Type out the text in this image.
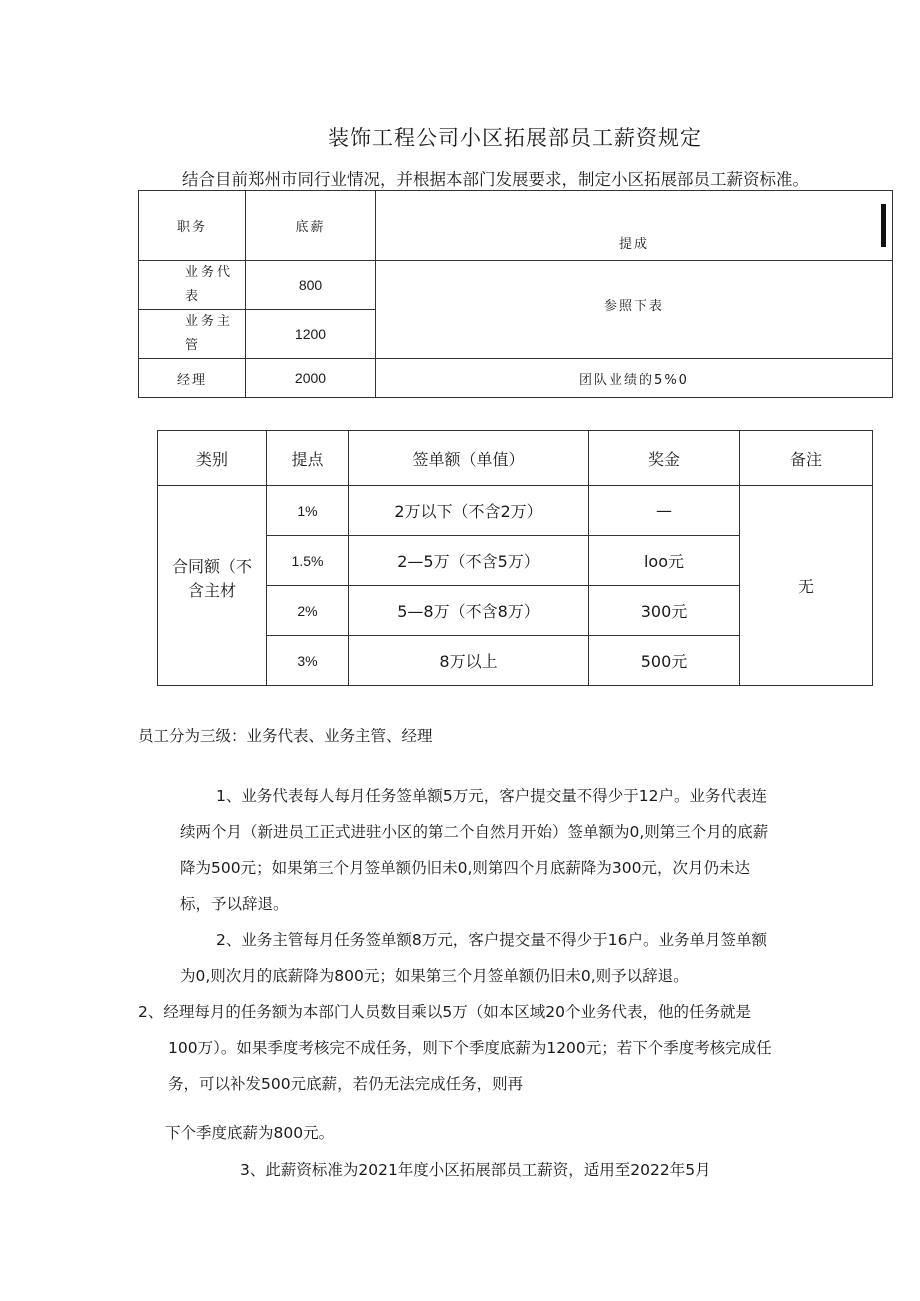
装饰工程公司小区拓展部员工薪资规定
结合目前郑州市同行业情况，并根据本部门发展要求，制定小区拓展部员工薪资标准。
职务	底薪	提成
业务代
表	800	参照下表
业务主
管	1200	
经理	2000	团队业绩的5%0
类别	提点	签单额（单值）	奖金	备注
合同额（不
含主材	1%	2万以下（不含2万）	—	无
	1.5%	2—5万（不含5万）	loo元	
	2%	5—8万（不含8万）	300元	
	3%	8万以上	500元	
员工分为三级：业务代表、业务主管、经理
1、业务代表每人每月任务签单额5万元，客户提交量不得少于12户。业务代表连
续两个月（新进员工正式进驻小区的第二个自然月开始）签单额为0,则第三个月的底薪
降为500元；如果第三个月签单额仍旧未0,则第四个月底薪降为300元，次月仍未达
标，予以辞退。
2、业务主管每月任务签单额8万元，客户提交量不得少于16户。业务单月签单额
为0,则次月的底薪降为800元；如果第三个月签单额仍旧未0,则予以辞退。
2、经理每月的任务额为本部门人员数目乘以5万（如本区域20个业务代表，他的任务就是
100万）。如果季度考核完不成任务，则下个季度底薪为1200元；若下个季度考核完成任
务，可以补发500元底薪，若仍无法完成任务，则再
下个季度底薪为800元。
3、此薪资标准为2021年度小区拓展部员工薪资，适用至2022年5月
